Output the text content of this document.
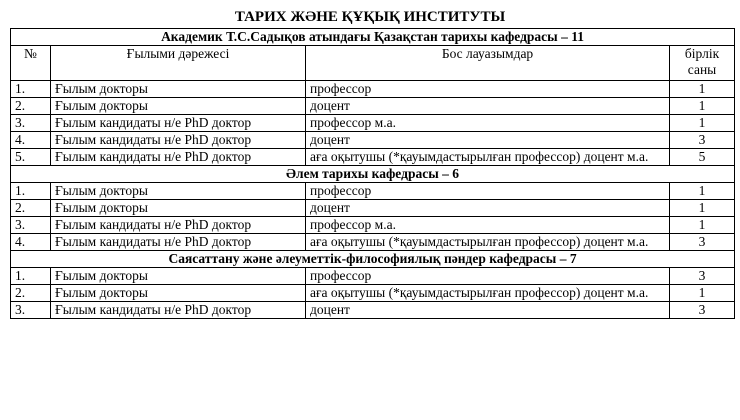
ТАРИХ ЖӘНЕ ҚҰҚЫҚ ИНСТИТУТЫ
Академик Т.С.Садықов атындағы Қазақстан тарихы кафедрасы – 11			
№	Ғылыми дәрежесі	Бос лауазымдар	бірлік саны
1.	Ғылым докторы	профессор	1
2.	Ғылым докторы	доцент	1
3.	Ғылым кандидаты н/е PhD доктор	профессор м.а.	1
4.	Ғылым кандидаты н/е PhD доктор	доцент	3
5.	Ғылым кандидаты н/е PhD доктор	аға оқытушы (*қауымдастырылған профессор) доцент м.а.	5
Әлем тарихы кафедрасы – 6			
1.	Ғылым докторы	профессор	1
2.	Ғылым докторы	доцент	1
3.	Ғылым кандидаты н/е PhD доктор	профессор м.а.	1
4.	Ғылым кандидаты н/е PhD доктор	аға оқытушы (*қауымдастырылған профессор) доцент м.а.	3
Саясаттану және әлеуметтік-философиялық пәндер кафедрасы – 7			
1.	Ғылым докторы	профессор	3
2.	Ғылым докторы	аға оқытушы (*қауымдастырылған профессор) доцент м.а.	1
3.	Ғылым кандидаты н/е PhD доктор	доцент	3
